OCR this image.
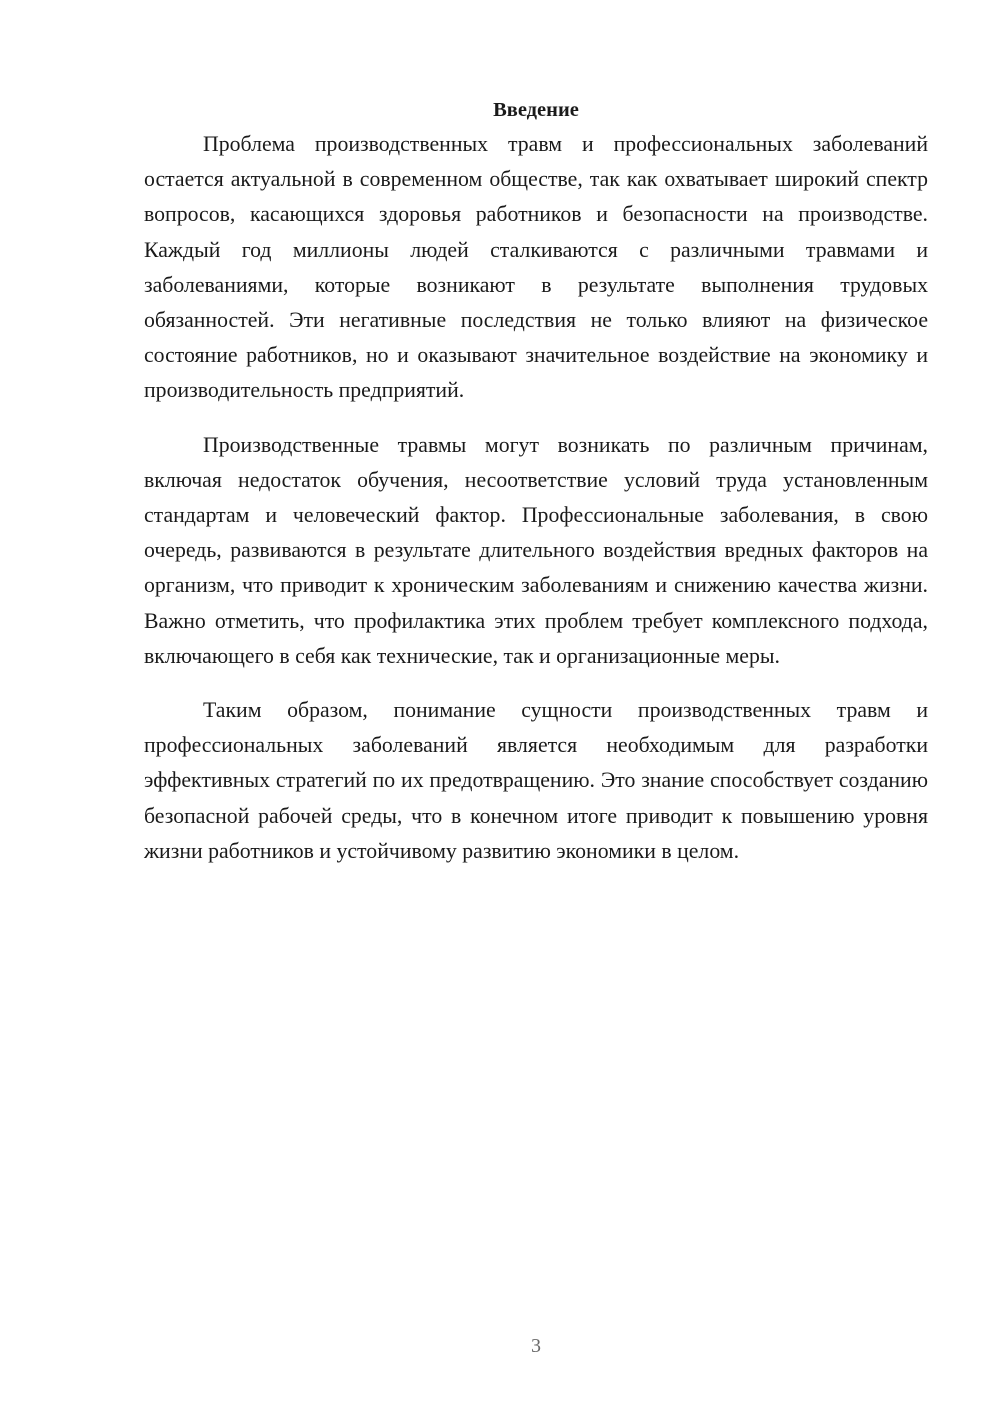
Введение

Проблема производственных травм и профессиональных заболеваний остается актуальной в современном обществе, так как охватывает широкий спектр вопросов, касающихся здоровья работников и безопасности на производстве. Каждый год миллионы людей сталкиваются с различными травмами и заболеваниями, которые возникают в результате выполнения трудовых обязанностей. Эти негативные последствия не только влияют на физическое состояние работников, но и оказывают значительное воздействие на экономику и производительность предприятий.

Производственные травмы могут возникать по различным причинам, включая недостаток обучения, несоответствие условий труда установленным стандартам и человеческий фактор. Профессиональные заболевания, в свою очередь, развиваются в результате длительного воздействия вредных факторов на организм, что приводит к хроническим заболеваниям и снижению качества жизни. Важно отметить, что профилактика этих проблем требует комплексного подхода, включающего в себя как технические, так и организационные меры.

Таким образом, понимание сущности производственных травм и профессиональных заболеваний является необходимым для разработки эффективных стратегий по их предотвращению. Это знание способствует созданию безопасной рабочей среды, что в конечном итоге приводит к повышению уровня жизни работников и устойчивому развитию экономики в целом.

3
